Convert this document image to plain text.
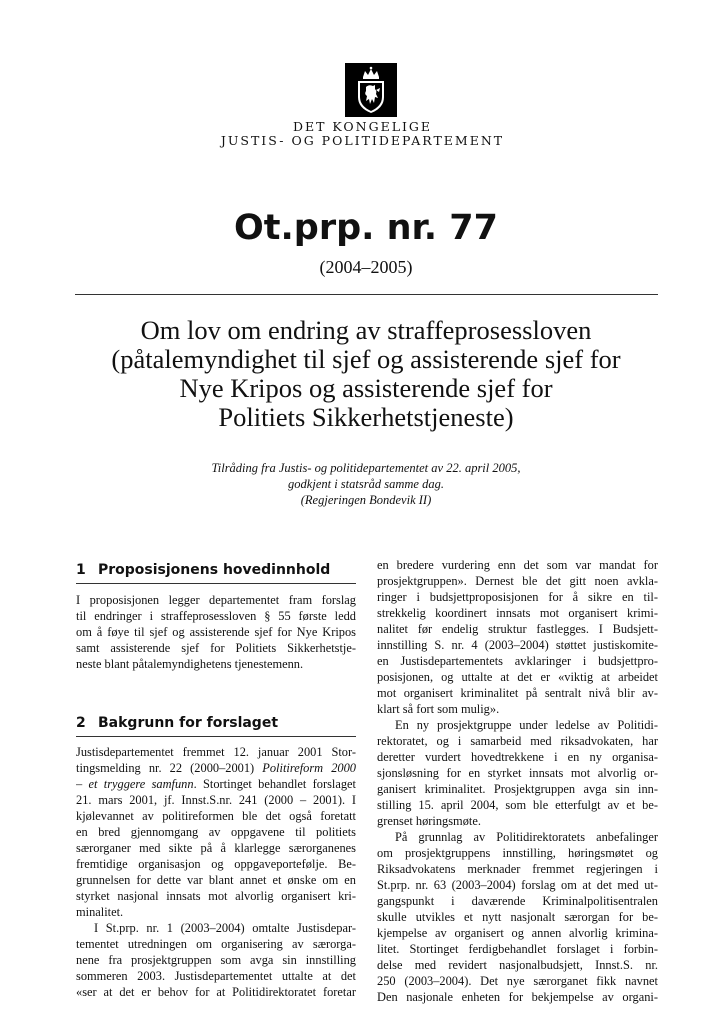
DET KONGELIGE
JUSTIS- OG POLITIDEPARTEMENT
Ot.prp. nr. 77
(2004–2005)
Om lov om endring av straffeprosessloven
(påtalemyndighet til sjef og assisterende sjef for
Nye Kripos og assisterende sjef for
Politiets Sikkerhetstjeneste)
Tilråding fra Justis- og politidepartementet av 22. april 2005,
godkjent i statsråd samme dag.
(Regjeringen Bondevik II)
1 Proposisjonens hovedinnhold
I proposisjonen legger departementet fram forslag
til endringer i straffeprosessloven § 55 første ledd
om å føye til sjef og assisterende sjef for Nye Kripos
samt assisterende sjef for Politiets Sikkerhetstje-
neste blant påtalemyndighetens tjenestemenn.
2 Bakgrunn for forslaget
Justisdepartementet fremmet 12. januar 2001 Stor-
tingsmelding nr. 22 (2000–2001) Politireform 2000
– et tryggere samfunn. Stortinget behandlet forslaget
21. mars 2001, jf. Innst.S.nr. 241 (2000 – 2001). I
kjølevannet av politireformen ble det også foretatt
en bred gjennomgang av oppgavene til politiets
særorganer med sikte på å klarlegge særorganenes
fremtidige organisasjon og oppgaveportefølje. Be-
grunnelsen for dette var blant annet et ønske om en
styrket nasjonal innsats mot alvorlig organisert kri-
minalitet.
I St.prp. nr. 1 (2003–2004) omtalte Justisdepar-
tementet utredningen om organisering av særorga-
nene fra prosjektgruppen som avga sin innstilling
sommeren 2003. Justisdepartementet uttalte at det
«ser at det er behov for at Politidirektoratet foretar
en bredere vurdering enn det som var mandat for
prosjektgruppen». Dernest ble det gitt noen avkla-
ringer i budsjettproposisjonen for å sikre en til-
strekkelig koordinert innsats mot organisert krimi-
nalitet før endelig struktur fastlegges. I Budsjett-
innstilling S. nr. 4 (2003–2004) støttet justiskomite-
en Justisdepartementets avklaringer i budsjettpro-
posisjonen, og uttalte at det er «viktig at arbeidet
mot organisert kriminalitet på sentralt nivå blir av-
klart så fort som mulig».
En ny prosjektgruppe under ledelse av Politidi-
rektoratet, og i samarbeid med riksadvokaten, har
deretter vurdert hovedtrekkene i en ny organisa-
sjonsløsning for en styrket innsats mot alvorlig or-
ganisert kriminalitet. Prosjektgruppen avga sin inn-
stilling 15. april 2004, som ble etterfulgt av et be-
grenset høringsmøte.
På grunnlag av Politidirektoratets anbefalinger
om prosjektgruppens innstilling, høringsmøtet og
Riksadvokatens merknader fremmet regjeringen i
St.prp. nr. 63 (2003–2004) forslag om at det med ut-
gangspunkt i daværende Kriminalpolitisentralen
skulle utvikles et nytt nasjonalt særorgan for be-
kjempelse av organisert og annen alvorlig krimina-
litet. Stortinget ferdigbehandlet forslaget i forbin-
delse med revidert nasjonalbudsjett, Innst.S. nr.
250 (2003–2004). Det nye særorganet fikk navnet
Den nasjonale enheten for bekjempelse av organi-
